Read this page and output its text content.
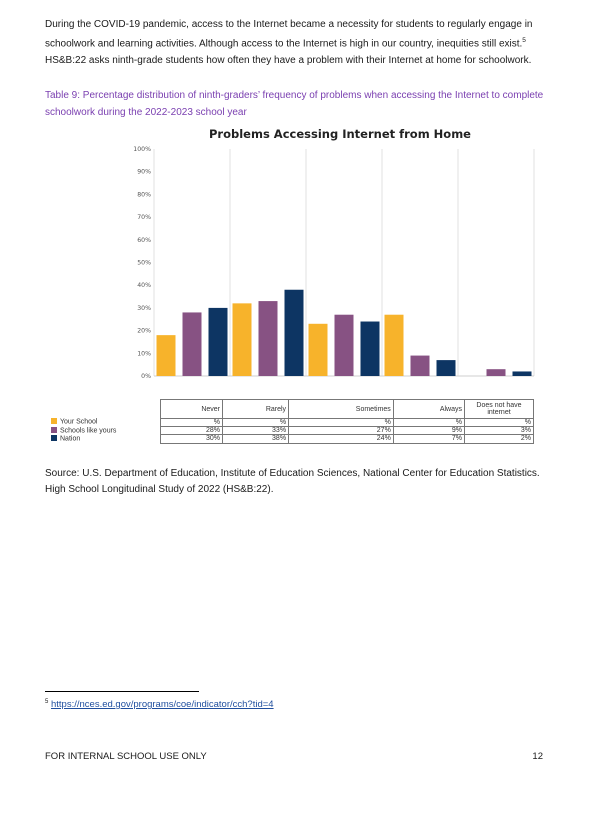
During the COVID-19 pandemic, access to the Internet became a necessity for students to regularly engage in schoolwork and learning activities. Although access to the Internet is high in our country, inequities still exist.$^5$ HS&B:22 asks ninth-grade students how often they have a problem with their Internet at home for schoolwork.

Table 9: Percentage distribution of ninth-graders’ frequency of problems when accessing the Internet to complete schoolwork during the 2022-2023 school year

Problems Accessing Internet from Home
0%
10%
20%
30%
40%
50%
60%
70%
80%
90%
100%
Your School
Schools like yours
Nation
Never	Rarely	Sometimes	Always	Does not have internet
%	%	%	%	%
28%	33%	27%	9%	3%
30%	38%	24%	7%	2%

Source: U.S. Department of Education, Institute of Education Sciences, National Center for Education Statistics. High School Longitudinal Study of 2022 (HS&B:22).

$^5$ https://nces.ed.gov/programs/coe/indicator/cch?tid=4
FOR INTERNAL SCHOOL USE ONLY	12
